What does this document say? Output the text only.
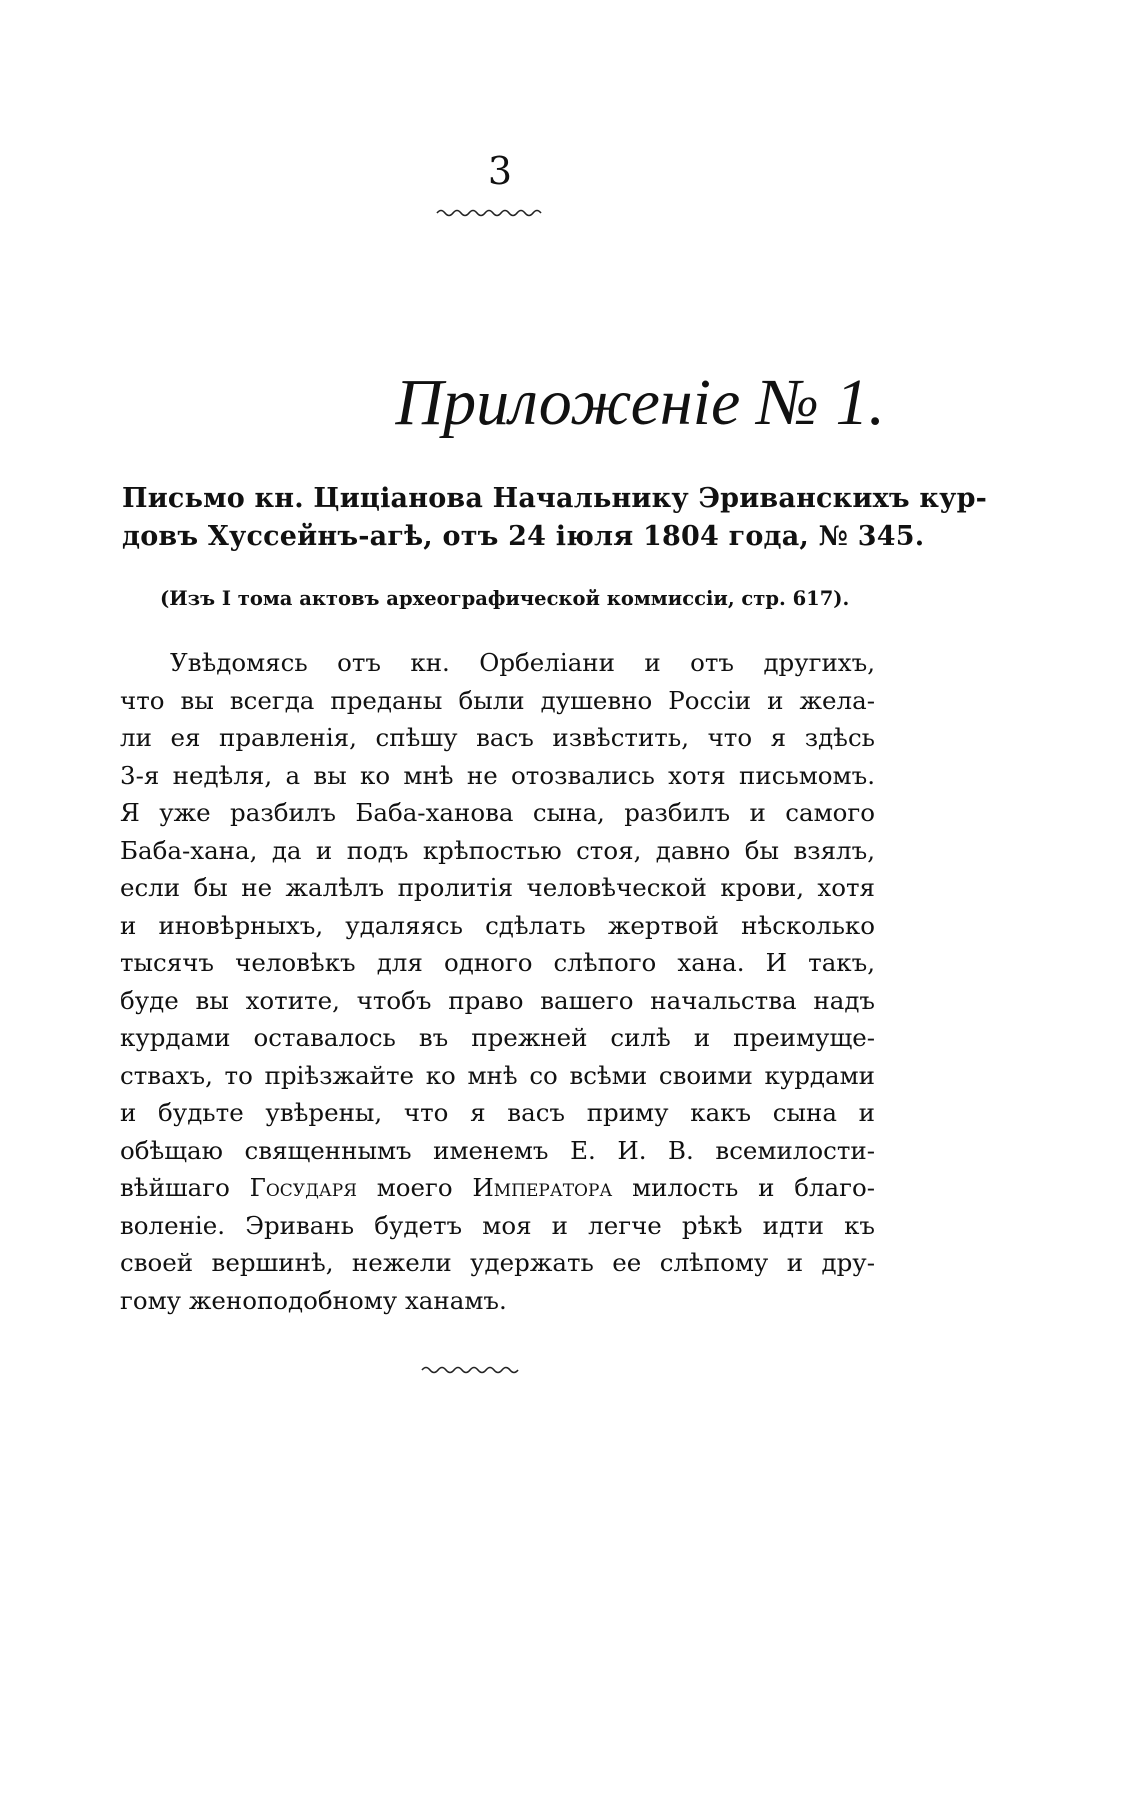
3
Приложеніе № 1.
Письмо кн. Цицiанова Начальнику Эриванскихъ кур-
довъ Хуссейнъ-агѣ, отъ 24 iюля 1804 года, № 345.
(Изъ I тома актовъ археографической коммиссіи, стр. 617).
Увѣдомясь отъ кн. Орбеліани и отъ другихъ,
что вы всегда преданы были душевно Россіи и жела-
ли ея правленія, спѣшу васъ извѣстить, что я здѣсь
3-я недѣля, а вы ко мнѣ не отозвались хотя письмомъ.
Я уже разбилъ Баба-ханова сына, разбилъ и самого
Баба-хана, да и подъ крѣпостью стоя, давно бы взялъ,
если бы не жалѣлъ пролитія человѣческой крови, хотя
и иновѣрныхъ, удаляясь сдѣлать жертвой нѣсколько
тысячъ человѣкъ для одного слѣпого хана. И такъ,
буде вы хотите, чтобъ право вашего начальства надъ
курдами оставалось въ прежней силѣ и преимуще-
ствахъ, то пріѣзжайте ко мнѣ со всѣми своими курдами
и будьте увѣрены, что я васъ приму какъ сына и
обѣщаю священнымъ именемъ Е. И. В. всемилости-
вѣйшаго Государя моего Императора милость и благо-
воленіе. Эривань будетъ моя и легче рѣкѣ идти къ
своей вершинѣ, нежели удержать ее слѣпому и дру-
гому женоподобному ханамъ.
